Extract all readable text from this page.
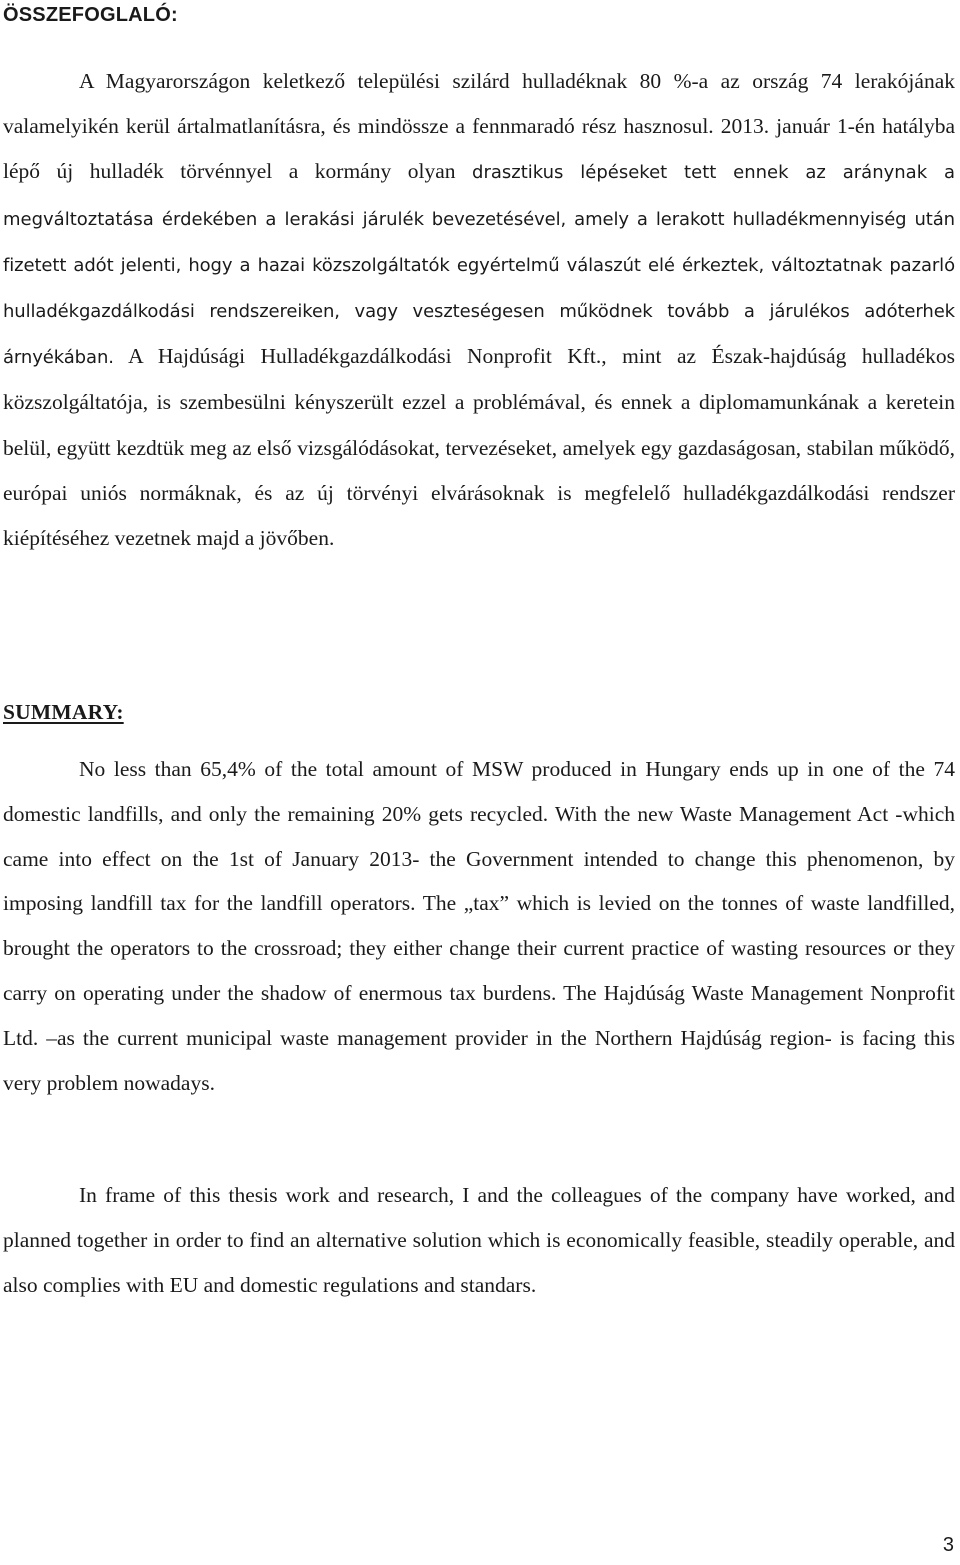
ÖSSZEFOGLALÓ:

A Magyarországon keletkező települési szilárd hulladéknak 80 %-a az ország 74 lerakójának valamelyikén kerül ártalmatlanításra, és mindössze a fennmaradó rész hasznosul. 2013. január 1-én hatályba lépő új hulladék törvénnyel a kormány olyan drasztikus lépéseket tett ennek az aránynak a megváltoztatása érdekében a lerakási járulék bevezetésével, amely a lerakott hulladékmennyiség után fizetett adót jelenti, hogy a hazai közszolgáltatók egyértelmű válaszút elé érkeztek, változtatnak pazarló hulladékgazdálkodási rendszereiken, vagy veszteségesen működnek tovább a járulékos adóterhek árnyékában. A Hajdúsági Hulladékgazdálkodási Nonprofit Kft., mint az Észak-hajdúság hulladékos közszolgáltatója, is szembesülni kényszerült ezzel a problémával, és ennek a diplomamunkának a keretein belül, együtt kezdtük meg az első vizsgálódásokat, tervezéseket, amelyek egy gazdaságosan, stabilan működő, európai uniós normáknak, és az új törvényi elvárásoknak is megfelelő hulladékgazdálkodási rendszer kiépítéséhez vezetnek majd a jövőben.

SUMMARY:

No less than 65,4% of the total amount of MSW produced in Hungary ends up in one of the 74 domestic landfills, and only the remaining 20% gets recycled. With the new Waste Management Act -which came into effect on the 1st of January 2013- the Government intended to change this phenomenon, by imposing landfill tax for the landfill operators. The „tax” which is levied on the tonnes of waste landfilled, brought the operators to the crossroad; they either change their current practice of wasting resources or they carry on operating under the shadow of enermous tax burdens. The Hajdúság Waste Management Nonprofit Ltd. –as the current municipal waste management provider in the Northern Hajdúság region- is facing this very problem nowadays.

In frame of this thesis work and research, I and the colleagues of the company have worked, and planned together in order to find an alternative solution which is economically feasible, steadily operable, and also complies with EU and domestic regulations and standars.

3
